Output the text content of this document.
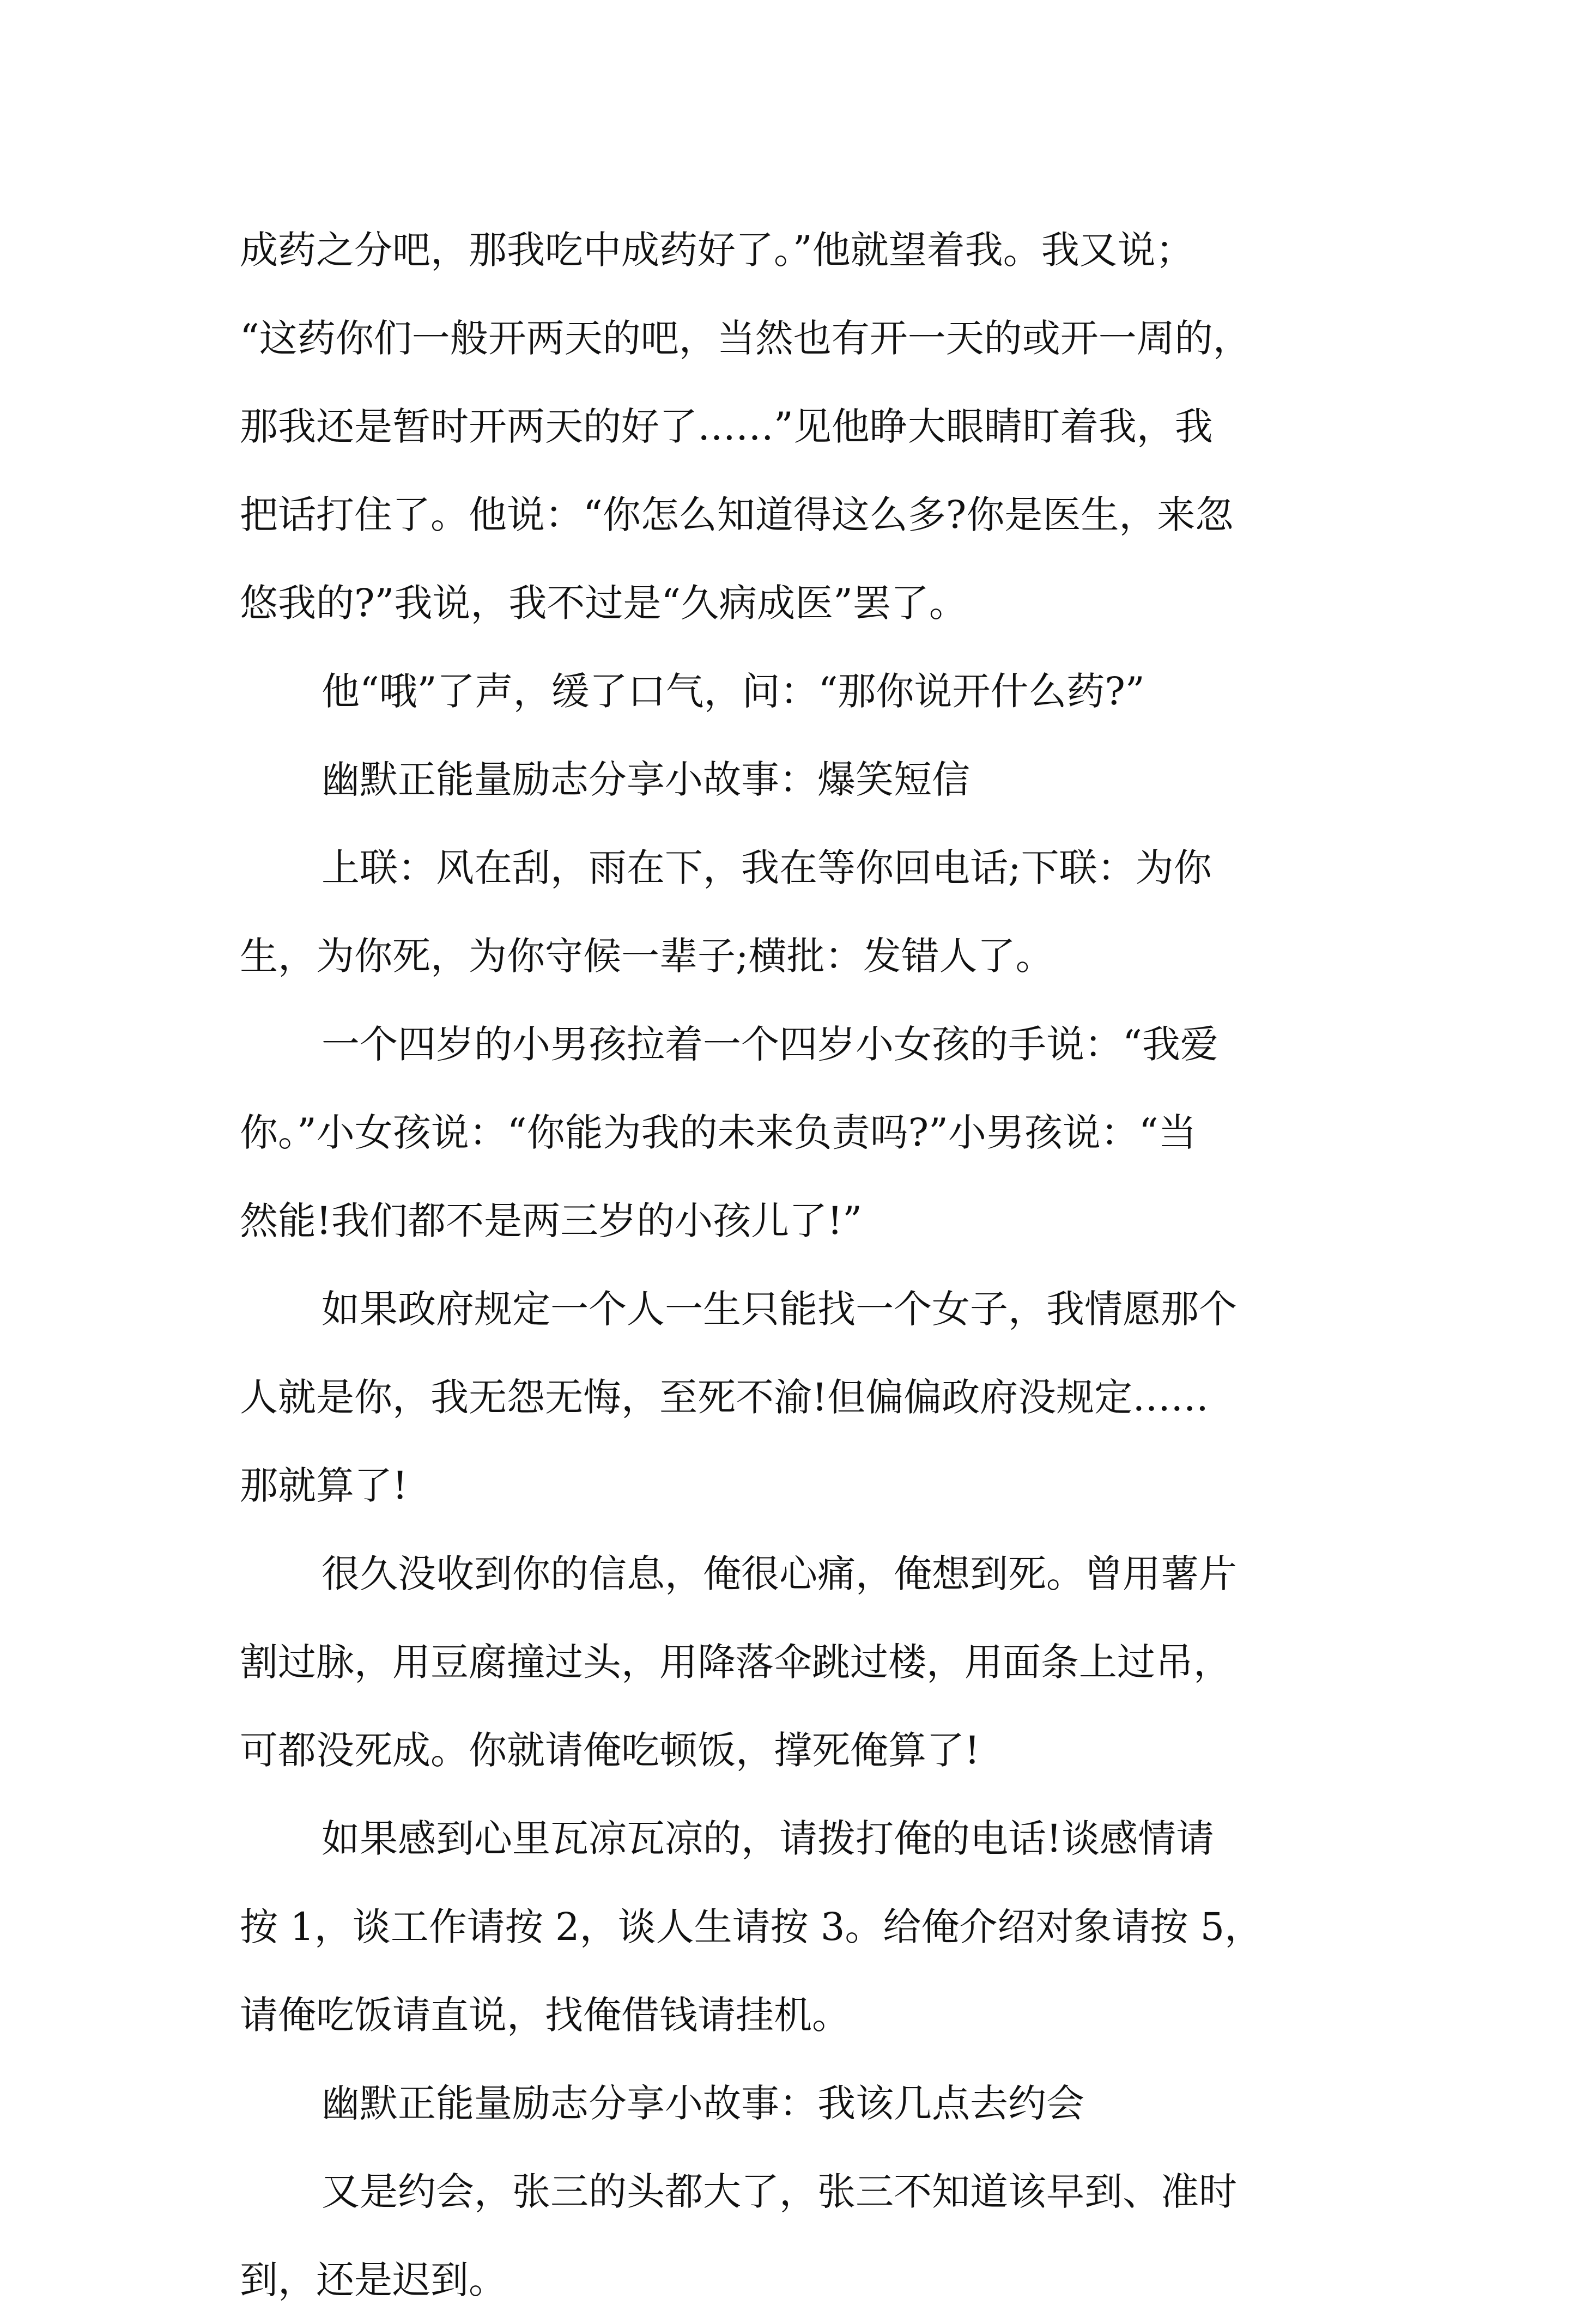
成药之分吧，那我吃中成药好了。”他就望着我。我又说；
“这药你们一般开两天的吧，当然也有开一天的或开一周的，
那我还是暂时开两天的好了……”见他睁大眼睛盯着我，我
把话打住了。他说：“你怎么知道得这么多?你是医生，来忽
悠我的?”我说，我不过是“久病成医”罢了。
他“哦”了声，缓了口气，问：“那你说开什么药?”
幽默正能量励志分享小故事：爆笑短信
上联：风在刮，雨在下，我在等你回电话;下联：为你
生，为你死，为你守候一辈子;横批：发错人了。
一个四岁的小男孩拉着一个四岁小女孩的手说：“我爱
你。”小女孩说：“你能为我的未来负责吗?”小男孩说：“当
然能!我们都不是两三岁的小孩儿了!”
如果政府规定一个人一生只能找一个女子，我情愿那个
人就是你，我无怨无悔，至死不渝!但偏偏政府没规定……
那就算了!
很久没收到你的信息，俺很心痛，俺想到死。曾用薯片
割过脉，用豆腐撞过头，用降落伞跳过楼，用面条上过吊，
可都没死成。你就请俺吃顿饭，撑死俺算了!
如果感到心里瓦凉瓦凉的，请拨打俺的电话!谈感情请
按 1，谈工作请按 2，谈人生请按 3。给俺介绍对象请按 5，
请俺吃饭请直说，找俺借钱请挂机。
幽默正能量励志分享小故事：我该几点去约会
又是约会，张三的头都大了，张三不知道该早到、准时
到，还是迟到。
